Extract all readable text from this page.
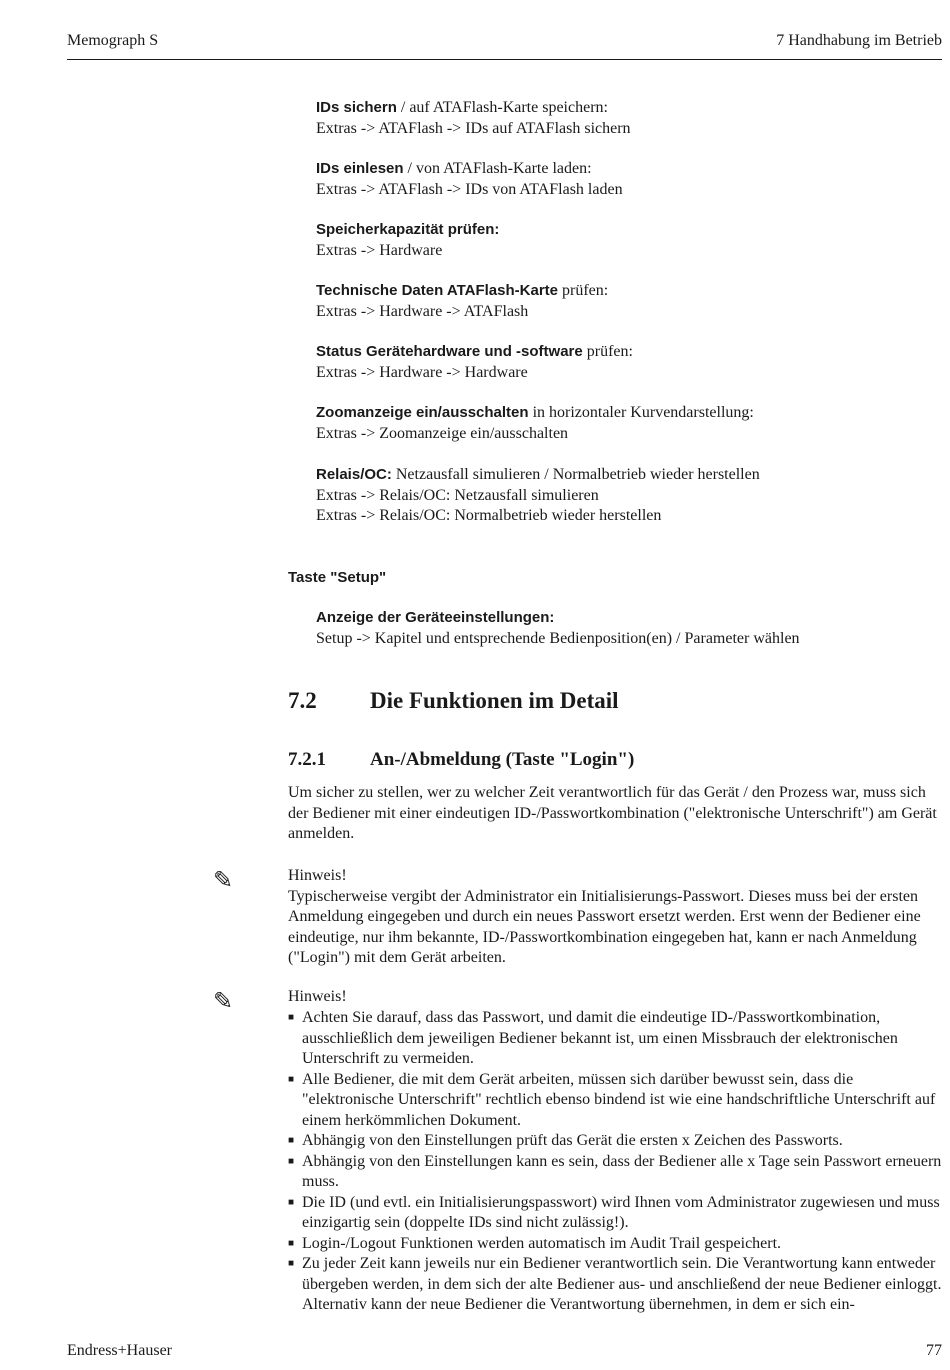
Memograph S	7 Handhabung im Betrieb
IDs sichern / auf ATAFlash-Karte speichern:
Extras -> ATAFlash -> IDs auf ATAFlash sichern
IDs einlesen / von ATAFlash-Karte laden:
Extras -> ATAFlash -> IDs von ATAFlash laden
Speicherkapazität prüfen:
Extras -> Hardware
Technische Daten ATAFlash-Karte prüfen:
Extras -> Hardware -> ATAFlash
Status Gerätehardware und -software prüfen:
Extras -> Hardware -> Hardware
Zoomanzeige ein/ausschalten in horizontaler Kurvendarstellung:
Extras -> Zoomanzeige ein/ausschalten
Relais/OC: Netzausfall simulieren / Normalbetrieb wieder herstellen
Extras -> Relais/OC: Netzausfall simulieren
Extras -> Relais/OC: Normalbetrieb wieder herstellen
Taste "Setup"
Anzeige der Geräteeinstellungen:
Setup -> Kapitel und entsprechende Bedienposition(en) / Parameter wählen
7.2 Die Funktionen im Detail
7.2.1 An-/Abmeldung (Taste "Login")
Um sicher zu stellen, wer zu welcher Zeit verantwortlich für das Gerät / den Prozess war, muss sich der Bediener mit einer eindeutigen ID-/Passwortkombination ("elektronische Unterschrift") am Gerät anmelden.
✎	Hinweis!
Typischerweise vergibt der Administrator ein Initialisierungs-Passwort. Dieses muss bei der ersten Anmeldung eingegeben und durch ein neues Passwort ersetzt werden. Erst wenn der Bediener eine eindeutige, nur ihm bekannte, ID-/Passwortkombination eingegeben hat, kann er nach Anmeldung ("Login") mit dem Gerät arbeiten.
✎	Hinweis!
■ Achten Sie darauf, dass das Passwort, und damit die eindeutige ID-/Passwortkombination, ausschließlich dem jeweiligen Bediener bekannt ist, um einen Missbrauch der elektronischen Unterschrift zu vermeiden.
■ Alle Bediener, die mit dem Gerät arbeiten, müssen sich darüber bewusst sein, dass die "elektronische Unterschrift" rechtlich ebenso bindend ist wie eine handschriftliche Unterschrift auf einem herkömmlichen Dokument.
■ Abhängig von den Einstellungen prüft das Gerät die ersten x Zeichen des Passworts.
■ Abhängig von den Einstellungen kann es sein, dass der Bediener alle x Tage sein Passwort erneuern muss.
■ Die ID (und evtl. ein Initialisierungspasswort) wird Ihnen vom Administrator zugewiesen und muss einzigartig sein (doppelte IDs sind nicht zulässig!).
■ Login-/Logout Funktionen werden automatisch im Audit Trail gespeichert.
■ Zu jeder Zeit kann jeweils nur ein Bediener verantwortlich sein. Die Verantwortung kann entweder übergeben werden, in dem sich der alte Bediener aus- und anschließend der neue Bediener einloggt. Alternativ kann der neue Bediener die Verantwortung übernehmen, in dem er sich ein-
Endress+Hauser	77
